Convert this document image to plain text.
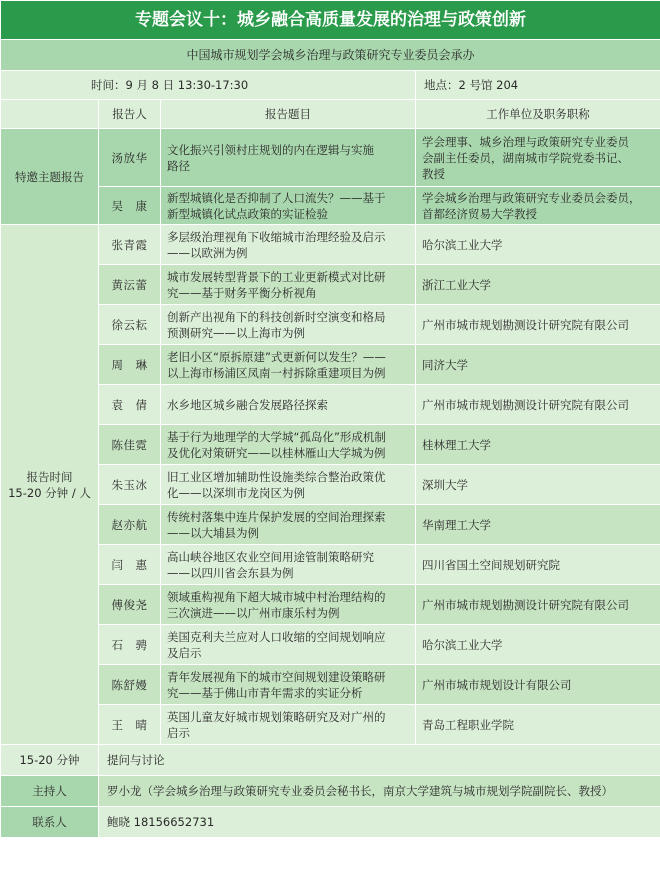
专题会议十：城乡融合高质量发展的治理与政策创新			
中国城市规划学会城乡治理与政策研究专业委员会承办			
时间：9 月 8 日 13:30-17:30			地点：2 号馆 204
	报告人	报告题目	工作单位及职务职称
特邀主题报告	汤放华	文化振兴引领村庄规划的内在逻辑与实施
路径	学会理事、城乡治理与政策研究专业委员
会副主任委员，湖南城市学院党委书记、
教授

	吴　康	新型城镇化是否抑制了人口流失？——基于
新型城镇化试点政策的实证检验	学会城乡治理与政策研究专业委员会委员，
首都经济贸易大学教授

报告时间
15-20 分钟 / 人	张青霞	多层级治理视角下收缩城市治理经验及启示
——以欧洲为例	哈尔滨工业大学

	黄沄蕾	城市发展转型背景下的工业更新模式对比研
究——基于财务平衡分析视角	浙江工业大学

	徐云耘	创新产出视角下的科技创新时空演变和格局
预测研究——以上海市为例	广州市城市规划勘测设计研究院有限公司

	周　琳	老旧小区“原拆原建”式更新何以发生？——
以上海市杨浦区凤南一村拆除重建项目为例	同济大学

	袁　倩	水乡地区城乡融合发展路径探索	广州市城市规划勘测设计研究院有限公司

	陈佳霓	基于行为地理学的大学城“孤岛化”形成机制
及优化对策研究——以桂林雁山大学城为例	桂林理工大学

	朱玉冰	旧工业区增加辅助性设施类综合整治政策优
化——以深圳市龙岗区为例	深圳大学

	赵亦航	传统村落集中连片保护发展的空间治理探索
——以大埔县为例	华南理工大学

	闫　惠	高山峡谷地区农业空间用途管制策略研究
——以四川省会东县为例	四川省国土空间规划研究院

	傅俊尧	领域重构视角下超大城市城中村治理结构的
三次演进——以广州市康乐村为例	广州市城市规划勘测设计研究院有限公司

	石　骋	美国克利夫兰应对人口收缩的空间规划响应
及启示	哈尔滨工业大学

	陈舒嫚	青年发展视角下的城市空间规划建设策略研
究——基于佛山市青年需求的实证分析	广州市城市规划设计有限公司

	王　晴	英国儿童友好城市规划策略研究及对广州的
启示	青岛工程职业学院

15-20 分钟	提问与讨论		
主持人	罗小龙（学会城乡治理与政策研究专业委员会秘书长，南京大学建筑与城市规划学院副院长、教授）		
联系人	鲍晓 18156652731		
